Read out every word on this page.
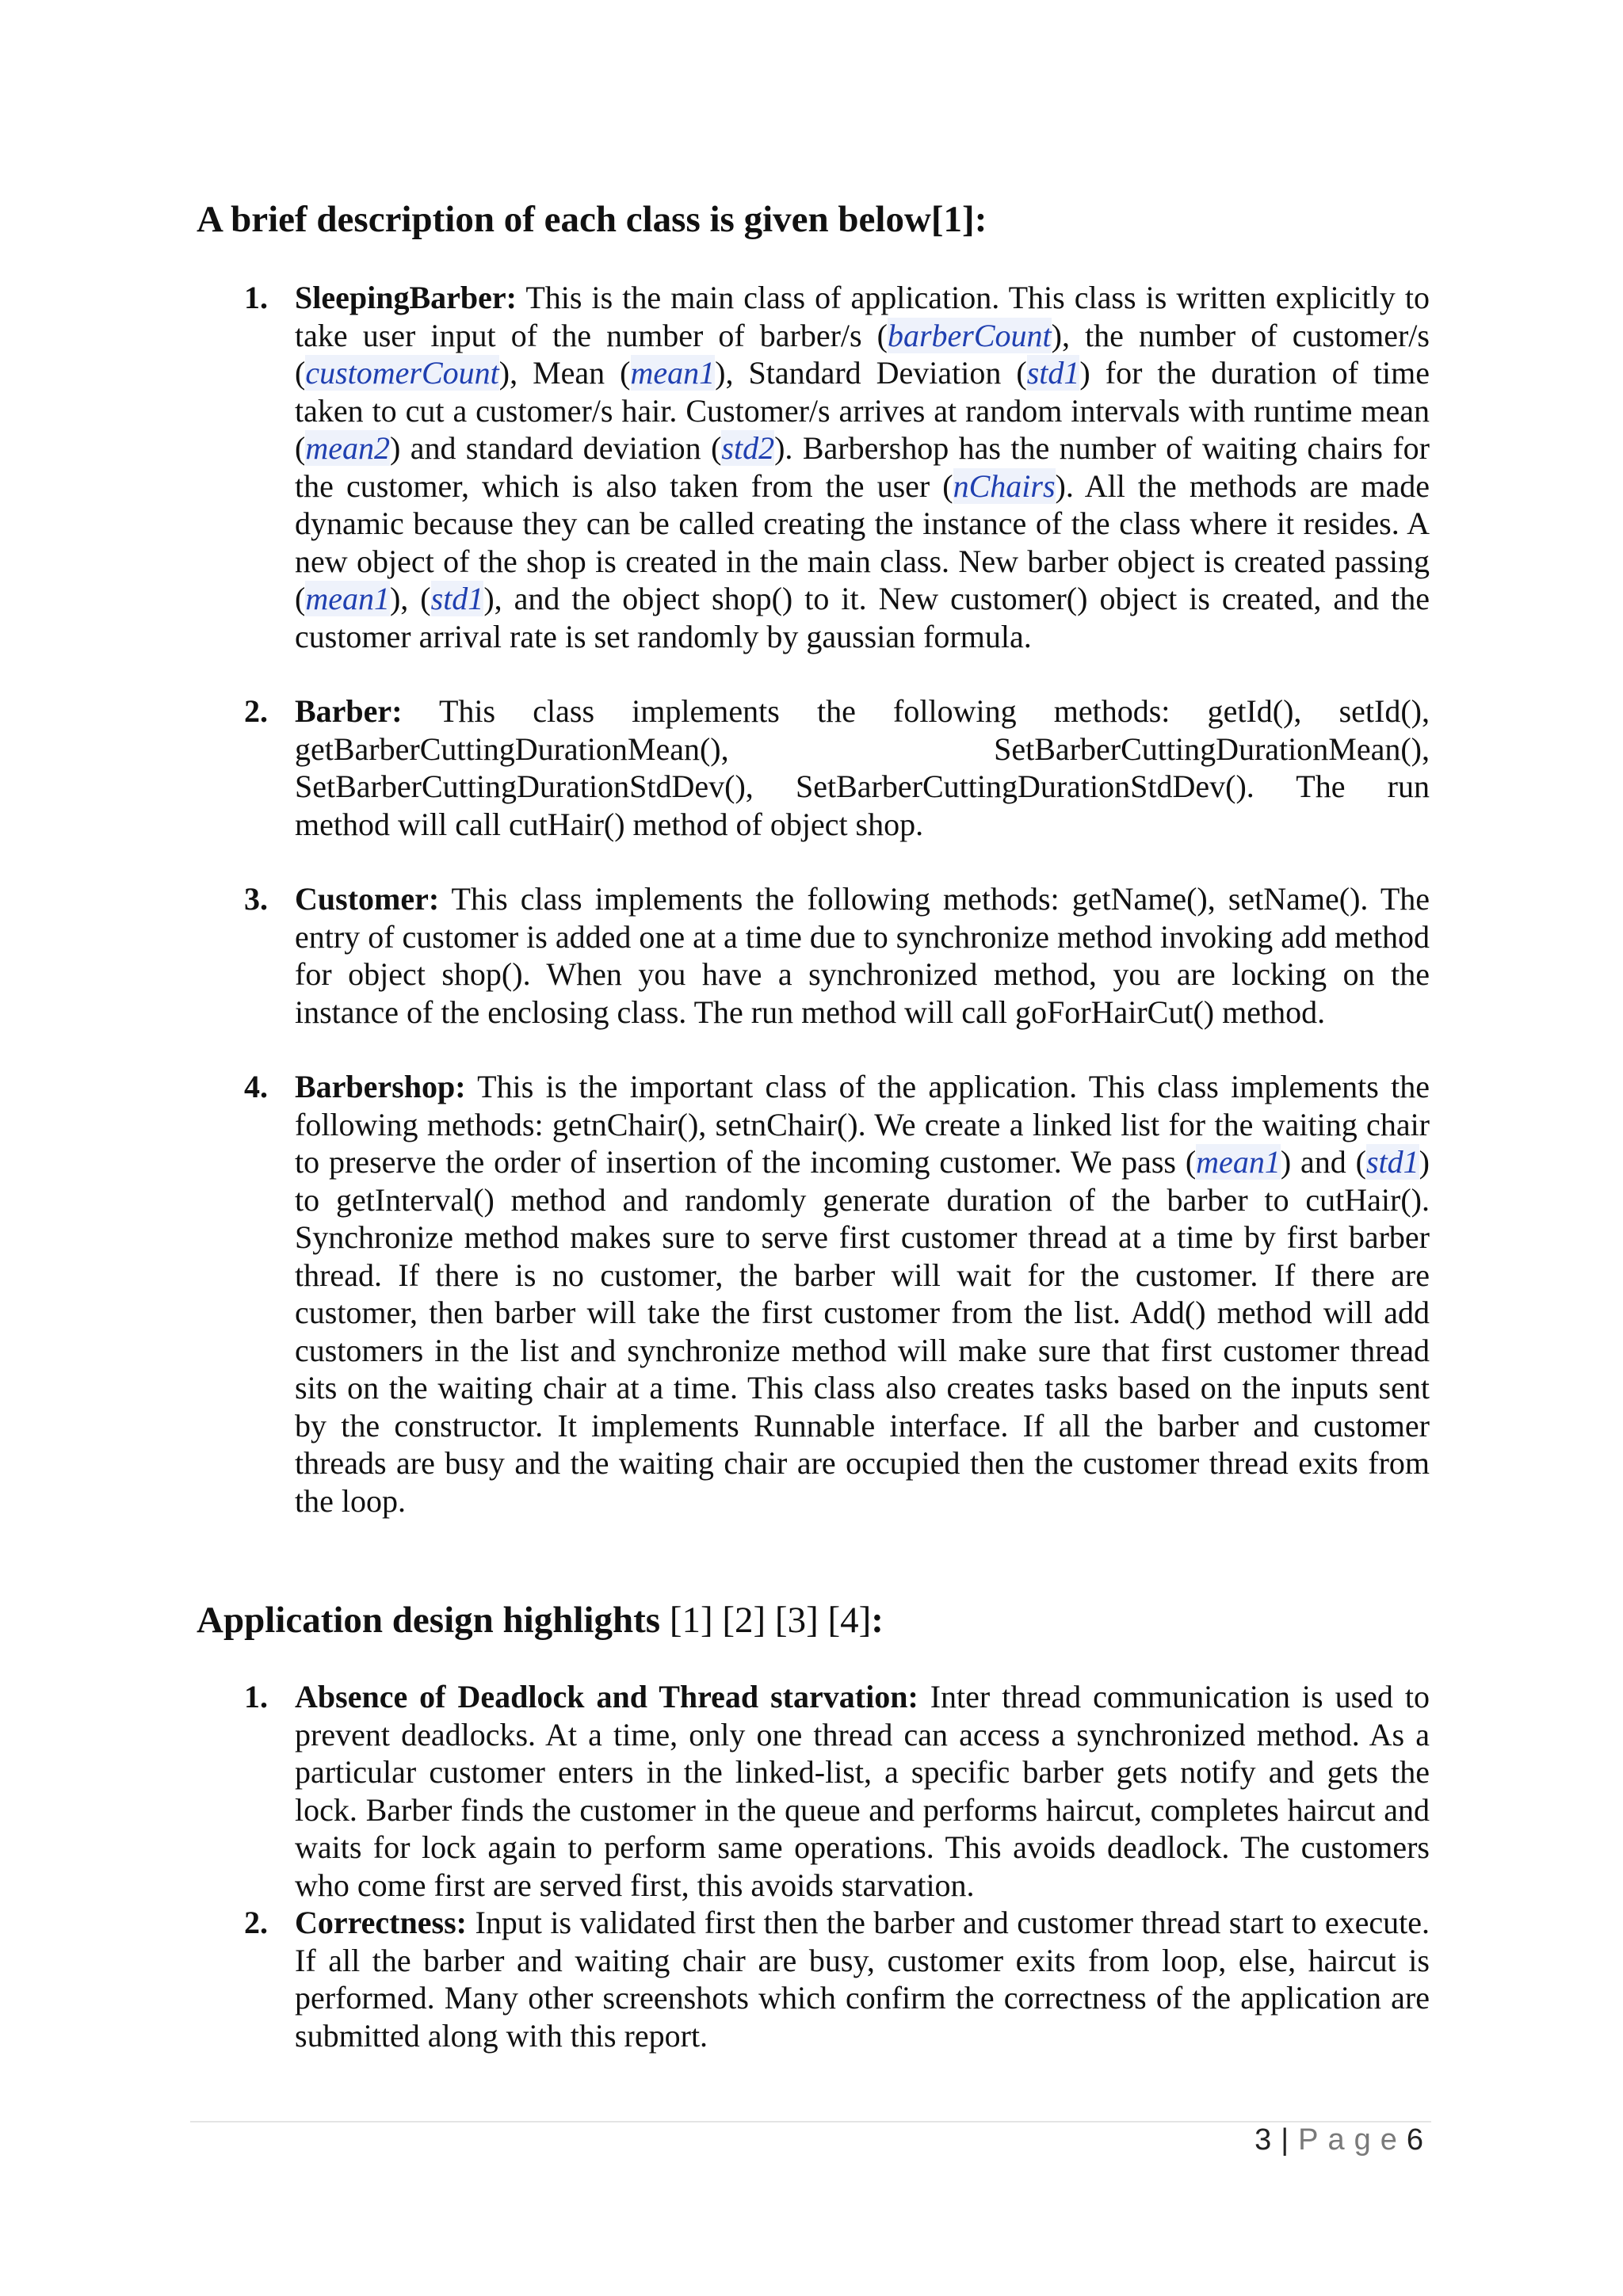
A brief description of each class is given below[1]:
1. SleepingBarber: This is the main class of application. This class is written explicitly to take user input of the number of barber/s (barberCount), the number of customer/s (customerCount), Mean (mean1), Standard Deviation (std1) for the duration of time taken to cut a customer/s hair. Customer/s arrives at random intervals with runtime mean (mean2) and standard deviation (std2). Barbershop has the number of waiting chairs for the customer, which is also taken from the user (nChairs). All the methods are made dynamic because they can be called creating the instance of the class where it resides. A new object of the shop is created in the main class. New barber object is created passing (mean1), (std1), and the object shop() to it. New customer() object is created, and the customer arrival rate is set randomly by gaussian formula.
2. Barber: This class implements the following methods: getId(), setId(), getBarberCuttingDurationMean(), SetBarberCuttingDurationMean(), SetBarberCuttingDurationStdDev(), SetBarberCuttingDurationStdDev(). The run method will call cutHair() method of object shop.
3. Customer: This class implements the following methods: getName(), setName(). The entry of customer is added one at a time due to synchronize method invoking add method for object shop(). When you have a synchronized method, you are locking on the instance of the enclosing class. The run method will call goForHairCut() method.
4. Barbershop: This is the important class of the application. This class implements the following methods: getnChair(), setnChair(). We create a linked list for the waiting chair to preserve the order of insertion of the incoming customer. We pass (mean1) and (std1) to getInterval() method and randomly generate duration of the barber to cutHair(). Synchronize method makes sure to serve first customer thread at a time by first barber thread. If there is no customer, the barber will wait for the customer. If there are customer, then barber will take the first customer from the list. Add() method will add customers in the list and synchronize method will make sure that first customer thread sits on the waiting chair at a time. This class also creates tasks based on the inputs sent by the constructor. It implements Runnable interface. If all the barber and customer threads are busy and the waiting chair are occupied then the customer thread exits from the loop.
Application design highlights [1] [2] [3] [4]:
1. Absence of Deadlock and Thread starvation: Inter thread communication is used to prevent deadlocks. At a time, only one thread can access a synchronized method. As a particular customer enters in the linked-list, a specific barber gets notify and gets the lock. Barber finds the customer in the queue and performs haircut, completes haircut and waits for lock again to perform same operations. This avoids deadlock. The customers who come first are served first, this avoids starvation.
2. Correctness: Input is validated first then the barber and customer thread start to execute. If all the barber and waiting chair are busy, customer exits from loop, else, haircut is performed. Many other screenshots which confirm the correctness of the application are submitted along with this report.
3 | Page6
